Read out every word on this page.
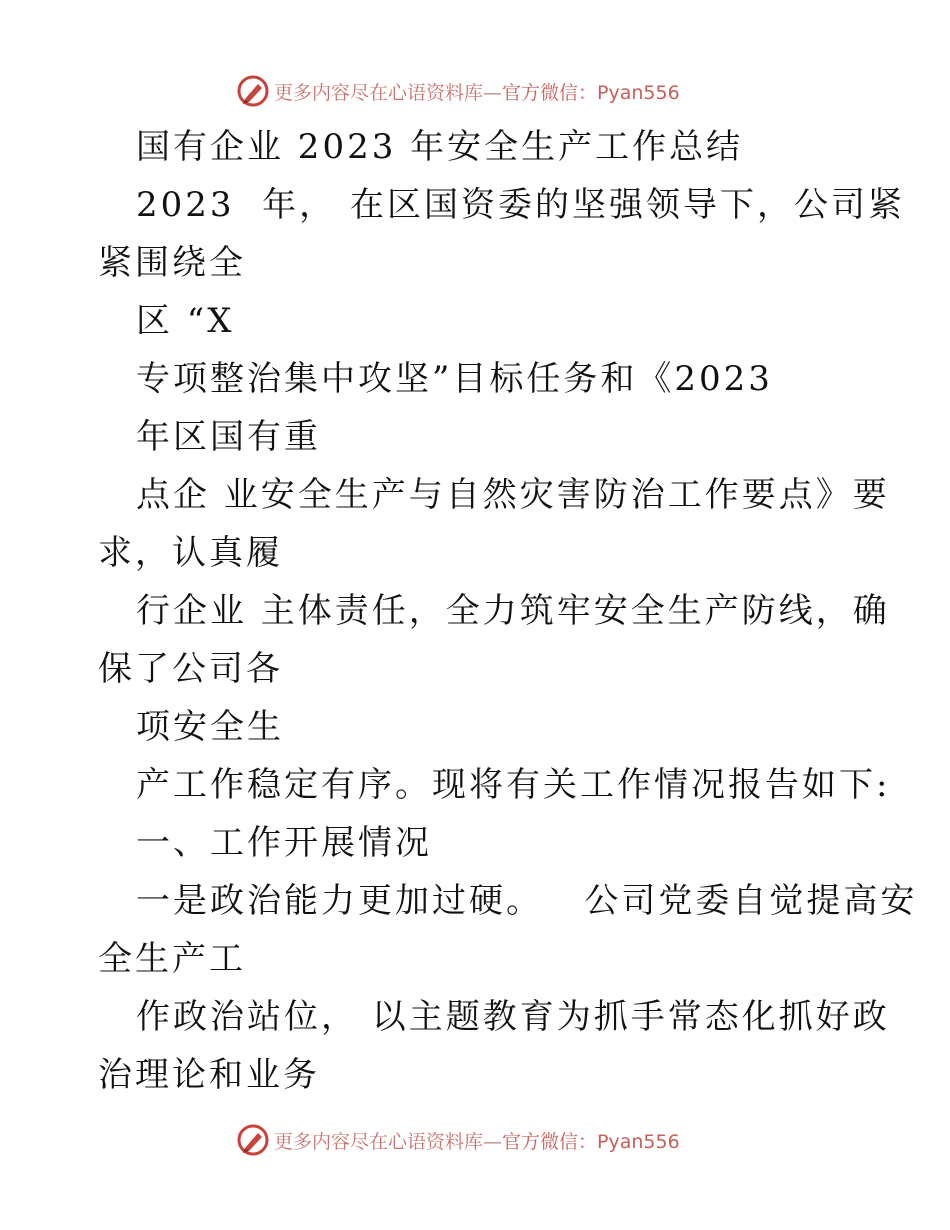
更多内容尽在心语资料库—官方微信：Pyan556
国有企业 2023 年安全生产工作总结
2023  年， 在区国资委的坚强领导下，公司紧
紧围绕全
区 “X
专项整治集中攻坚”目标任务和《2023
年区国有重
点企 业安全生产与自然灾害防治工作要点》要
求，认真履
行企业 主体责任，全力筑牢安全生产防线，确
保了公司各
项安全生
产工作稳定有序。现将有关工作情况报告如下:
一、工作开展情况
一是政治能力更加过硬。   公司党委自觉提高安
全生产工
作政治站位， 以主题教育为抓手常态化抓好政
治理论和业务
更多内容尽在心语资料库—官方微信：Pyan556
